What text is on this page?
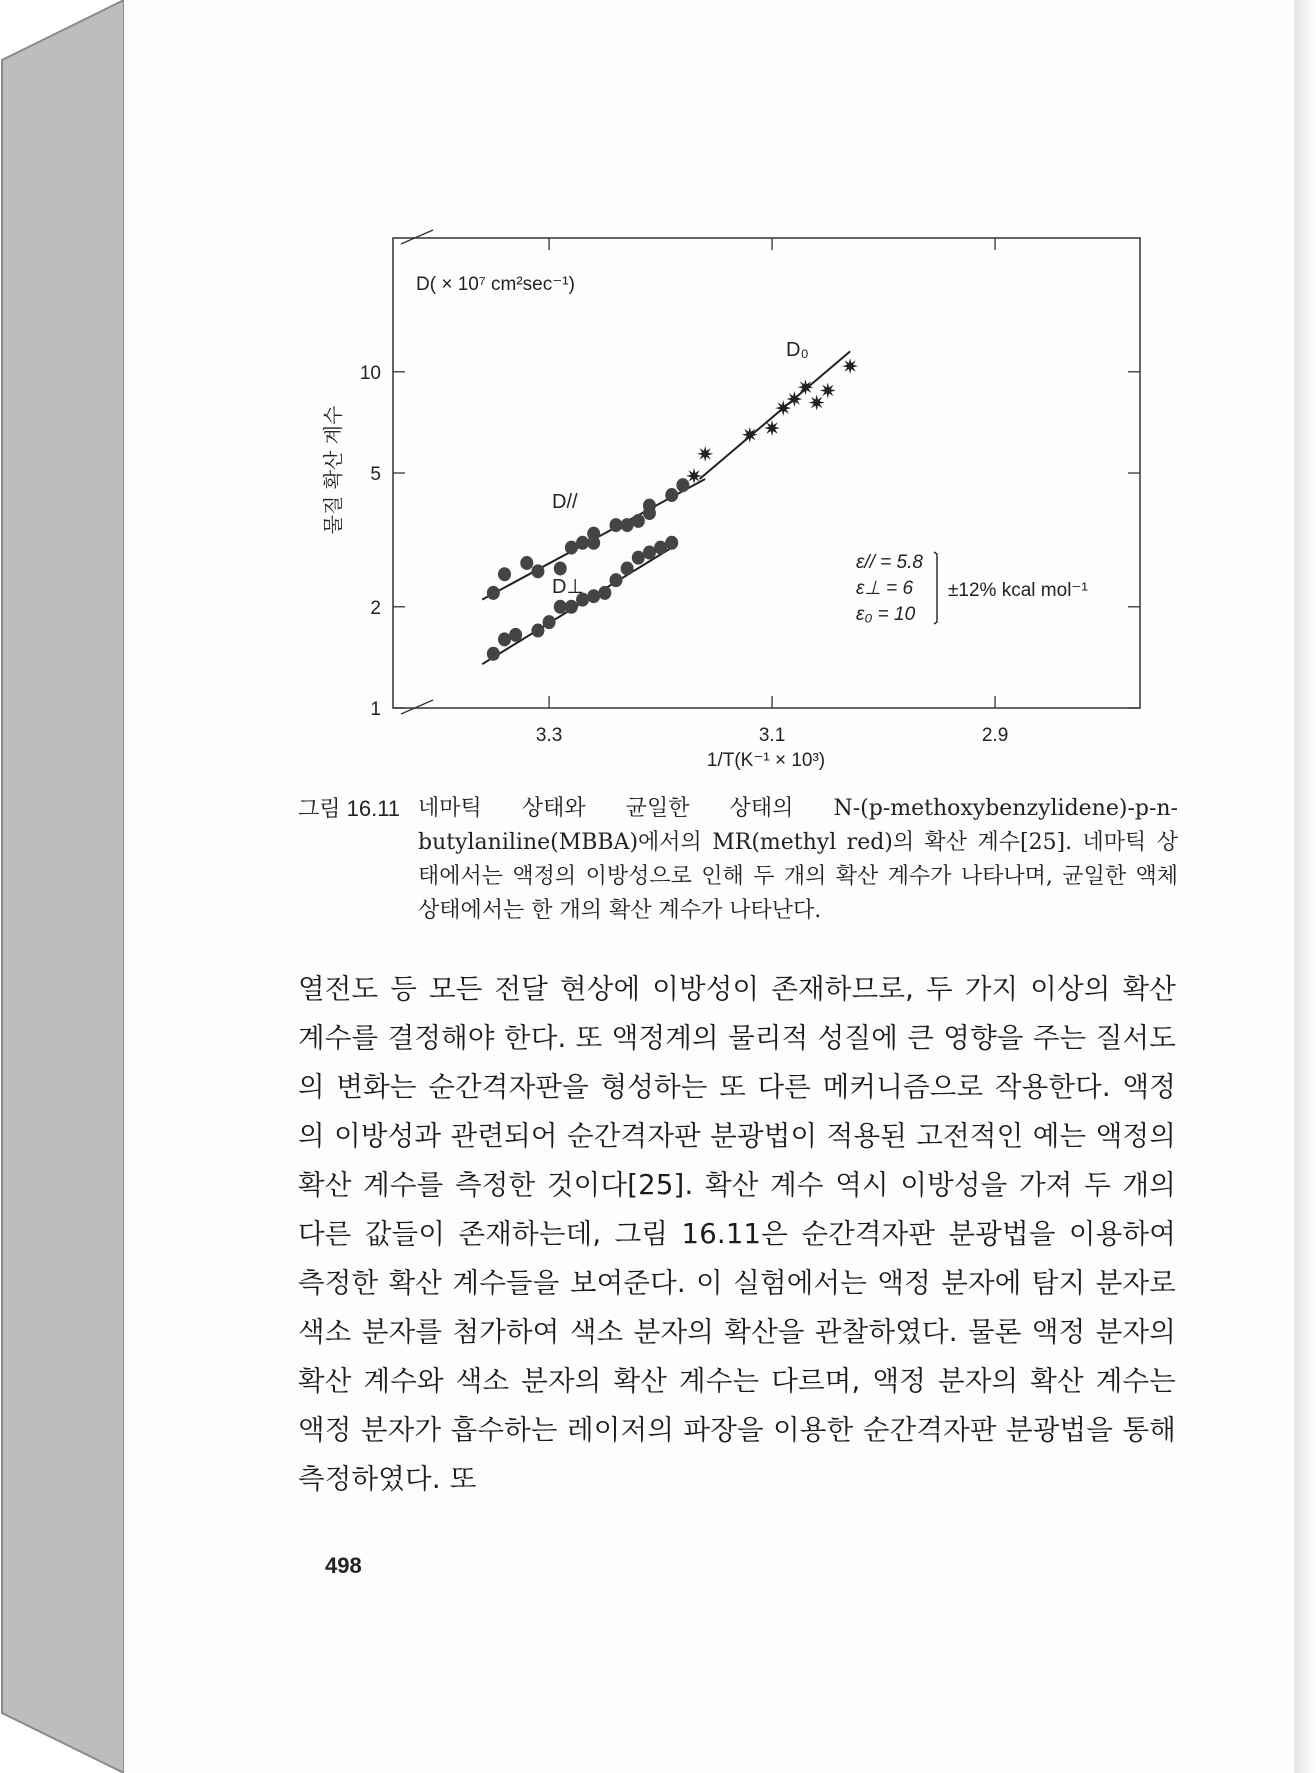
10
5
2
1
3.3	3.1	2.9
D( × 10⁷ cm²sec⁻¹)
1/T(K⁻¹ × 10³)
물질 확산 계수	D//
D⊥
D₀
ε// = 5.8
ε⊥ = 6
ε₀ = 10
±12% kcal mol⁻¹
그림 16.11 네마틱 상태와 균일한 상태의 N-(p-methoxybenzylidene)-p-n-butylaniline(MBBA)에서의 MR(methyl red)의 확산 계수[25]. 네마틱 상태에서는 액정의 이방성으로 인해 두 개의 확산 계수가 나타나며, 균일한 액체 상태에서는 한 개의 확산 계수가 나타난다.
열전도 등 모든 전달 현상에 이방성이 존재하므로, 두 가지 이상의 확산 계수를 결정해야 한다. 또 액정계의 물리적 성질에 큰 영향을 주는 질서도의 변화는 순간격자판을 형성하는 또 다른 메커니즘으로 작용한다. 액정의 이방성과 관련되어 순간격자판 분광법이 적용된 고전적인 예는 액정의 확산 계수를 측정한 것이다[25]. 확산 계수 역시 이방성을 가져 두 개의 다른 값들이 존재하는데, 그림 16.11은 순간격자판 분광법을 이용하여 측정한 확산 계수들을 보여준다. 이 실험에서는 액정 분자에 탐지 분자로 색소 분자를 첨가하여 색소 분자의 확산을 관찰하였다. 물론 액정 분자의 확산 계수와 색소 분자의 확산 계수는 다르며, 액정 분자의 확산 계수는 액정 분자가 흡수하는 레이저의 파장을 이용한 순간격자판 분광법을 통해 측정하였다. 또
498
